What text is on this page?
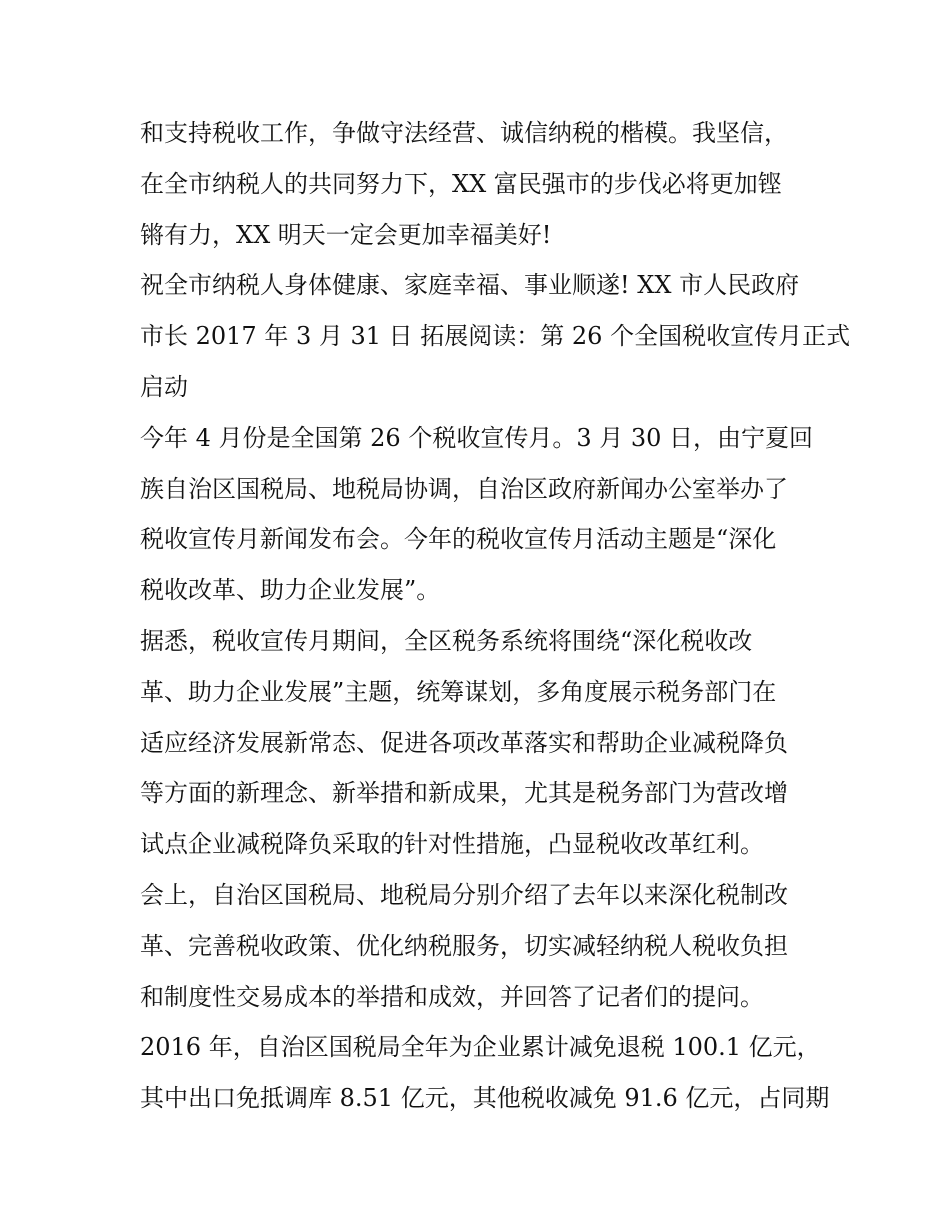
和支持税收工作，争做守法经营、诚信纳税的楷模。我坚信，
在全市纳税人的共同努力下，XX 富民强市的步伐必将更加铿
锵有力，XX 明天一定会更加幸福美好!
祝全市纳税人身体健康、家庭幸福、事业顺遂! XX 市人民政府
市长 2017 年 3 月 31 日 拓展阅读：第 26 个全国税收宣传月正式
启动
今年 4 月份是全国第 26 个税收宣传月。3 月 30 日，由宁夏回
族自治区国税局、地税局协调，自治区政府新闻办公室举办了
税收宣传月新闻发布会。今年的税收宣传月活动主题是“深化
税收改革、助力企业发展”。
据悉，税收宣传月期间，全区税务系统将围绕“深化税收改
革、助力企业发展”主题，统筹谋划，多角度展示税务部门在
适应经济发展新常态、促进各项改革落实和帮助企业减税降负
等方面的新理念、新举措和新成果，尤其是税务部门为营改增
试点企业减税降负采取的针对性措施，凸显税收改革红利。
会上，自治区国税局、地税局分别介绍了去年以来深化税制改
革、完善税收政策、优化纳税服务，切实减轻纳税人税收负担
和制度性交易成本的举措和成效，并回答了记者们的提问。
2016 年，自治区国税局全年为企业累计减免退税 100.1 亿元，
其中出口免抵调库 8.51 亿元，其他税收减免 91.6 亿元，占同期
